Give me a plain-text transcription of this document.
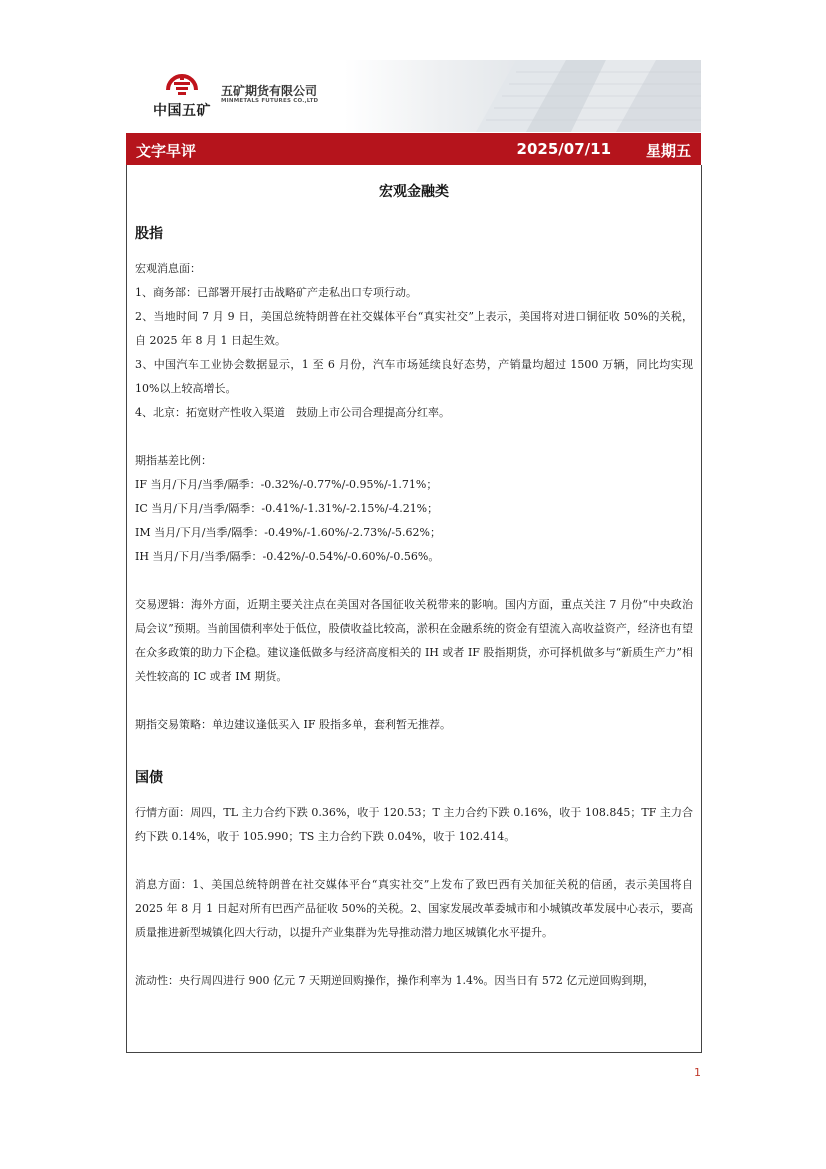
中国五矿
五矿期货有限公司
MINMETALS FUTURES CO.,LTD
文字早评	2025/07/11 星期五
宏观金融类
股指

宏观消息面：

1、商务部：已部署开展打击战略矿产走私出口专项行动。

2、当地时间 7 月 9 日，美国总统特朗普在社交媒体平台“真实社交”上表示，美国将对进口铜征收 50%的关税，自 2025 年 8 月 1 日起生效。

3、中国汽车工业协会数据显示，1 至 6 月份，汽车市场延续良好态势，产销量均超过 1500 万辆，同比均实现 10%以上较高增长。

4、北京：拓宽财产性收入渠道　鼓励上市公司合理提高分红率。

期指基差比例：

IF 当月/下月/当季/隔季：-0.32%/-0.77%/-0.95%/-1.71%；

IC 当月/下月/当季/隔季：-0.41%/-1.31%/-2.15%/-4.21%；

IM 当月/下月/当季/隔季：-0.49%/-1.60%/-2.73%/-5.62%；

IH 当月/下月/当季/隔季：-0.42%/-0.54%/-0.60%/-0.56%。

交易逻辑：海外方面，近期主要关注点在美国对各国征收关税带来的影响。国内方面，重点关注 7 月份“中央政治局会议”预期。当前国债利率处于低位，股债收益比较高，淤积在金融系统的资金有望流入高收益资产，经济也有望在众多政策的助力下企稳。建议逢低做多与经济高度相关的 IH 或者 IF 股指期货，亦可择机做多与“新质生产力”相关性较高的 IC 或者 IM 期货。

期指交易策略：单边建议逢低买入 IF 股指多单，套利暂无推荐。

国债

行情方面：周四，TL 主力合约下跌 0.36%，收于 120.53；T 主力合约下跌 0.16%，收于 108.845；TF 主力合约下跌 0.14%，收于 105.990；TS 主力合约下跌 0.04%，收于 102.414。

消息方面：1、美国总统特朗普在社交媒体平台“真实社交”上发布了致巴西有关加征关税的信函，表示美国将自 2025 年 8 月 1 日起对所有巴西产品征收 50%的关税。2、国家发展改革委城市和小城镇改革发展中心表示，要高质量推进新型城镇化四大行动，以提升产业集群为先导推动潜力地区城镇化水平提升。

流动性：央行周四进行 900 亿元 7 天期逆回购操作，操作利率为 1.4%。因当日有 572 亿元逆回购到期，

1
